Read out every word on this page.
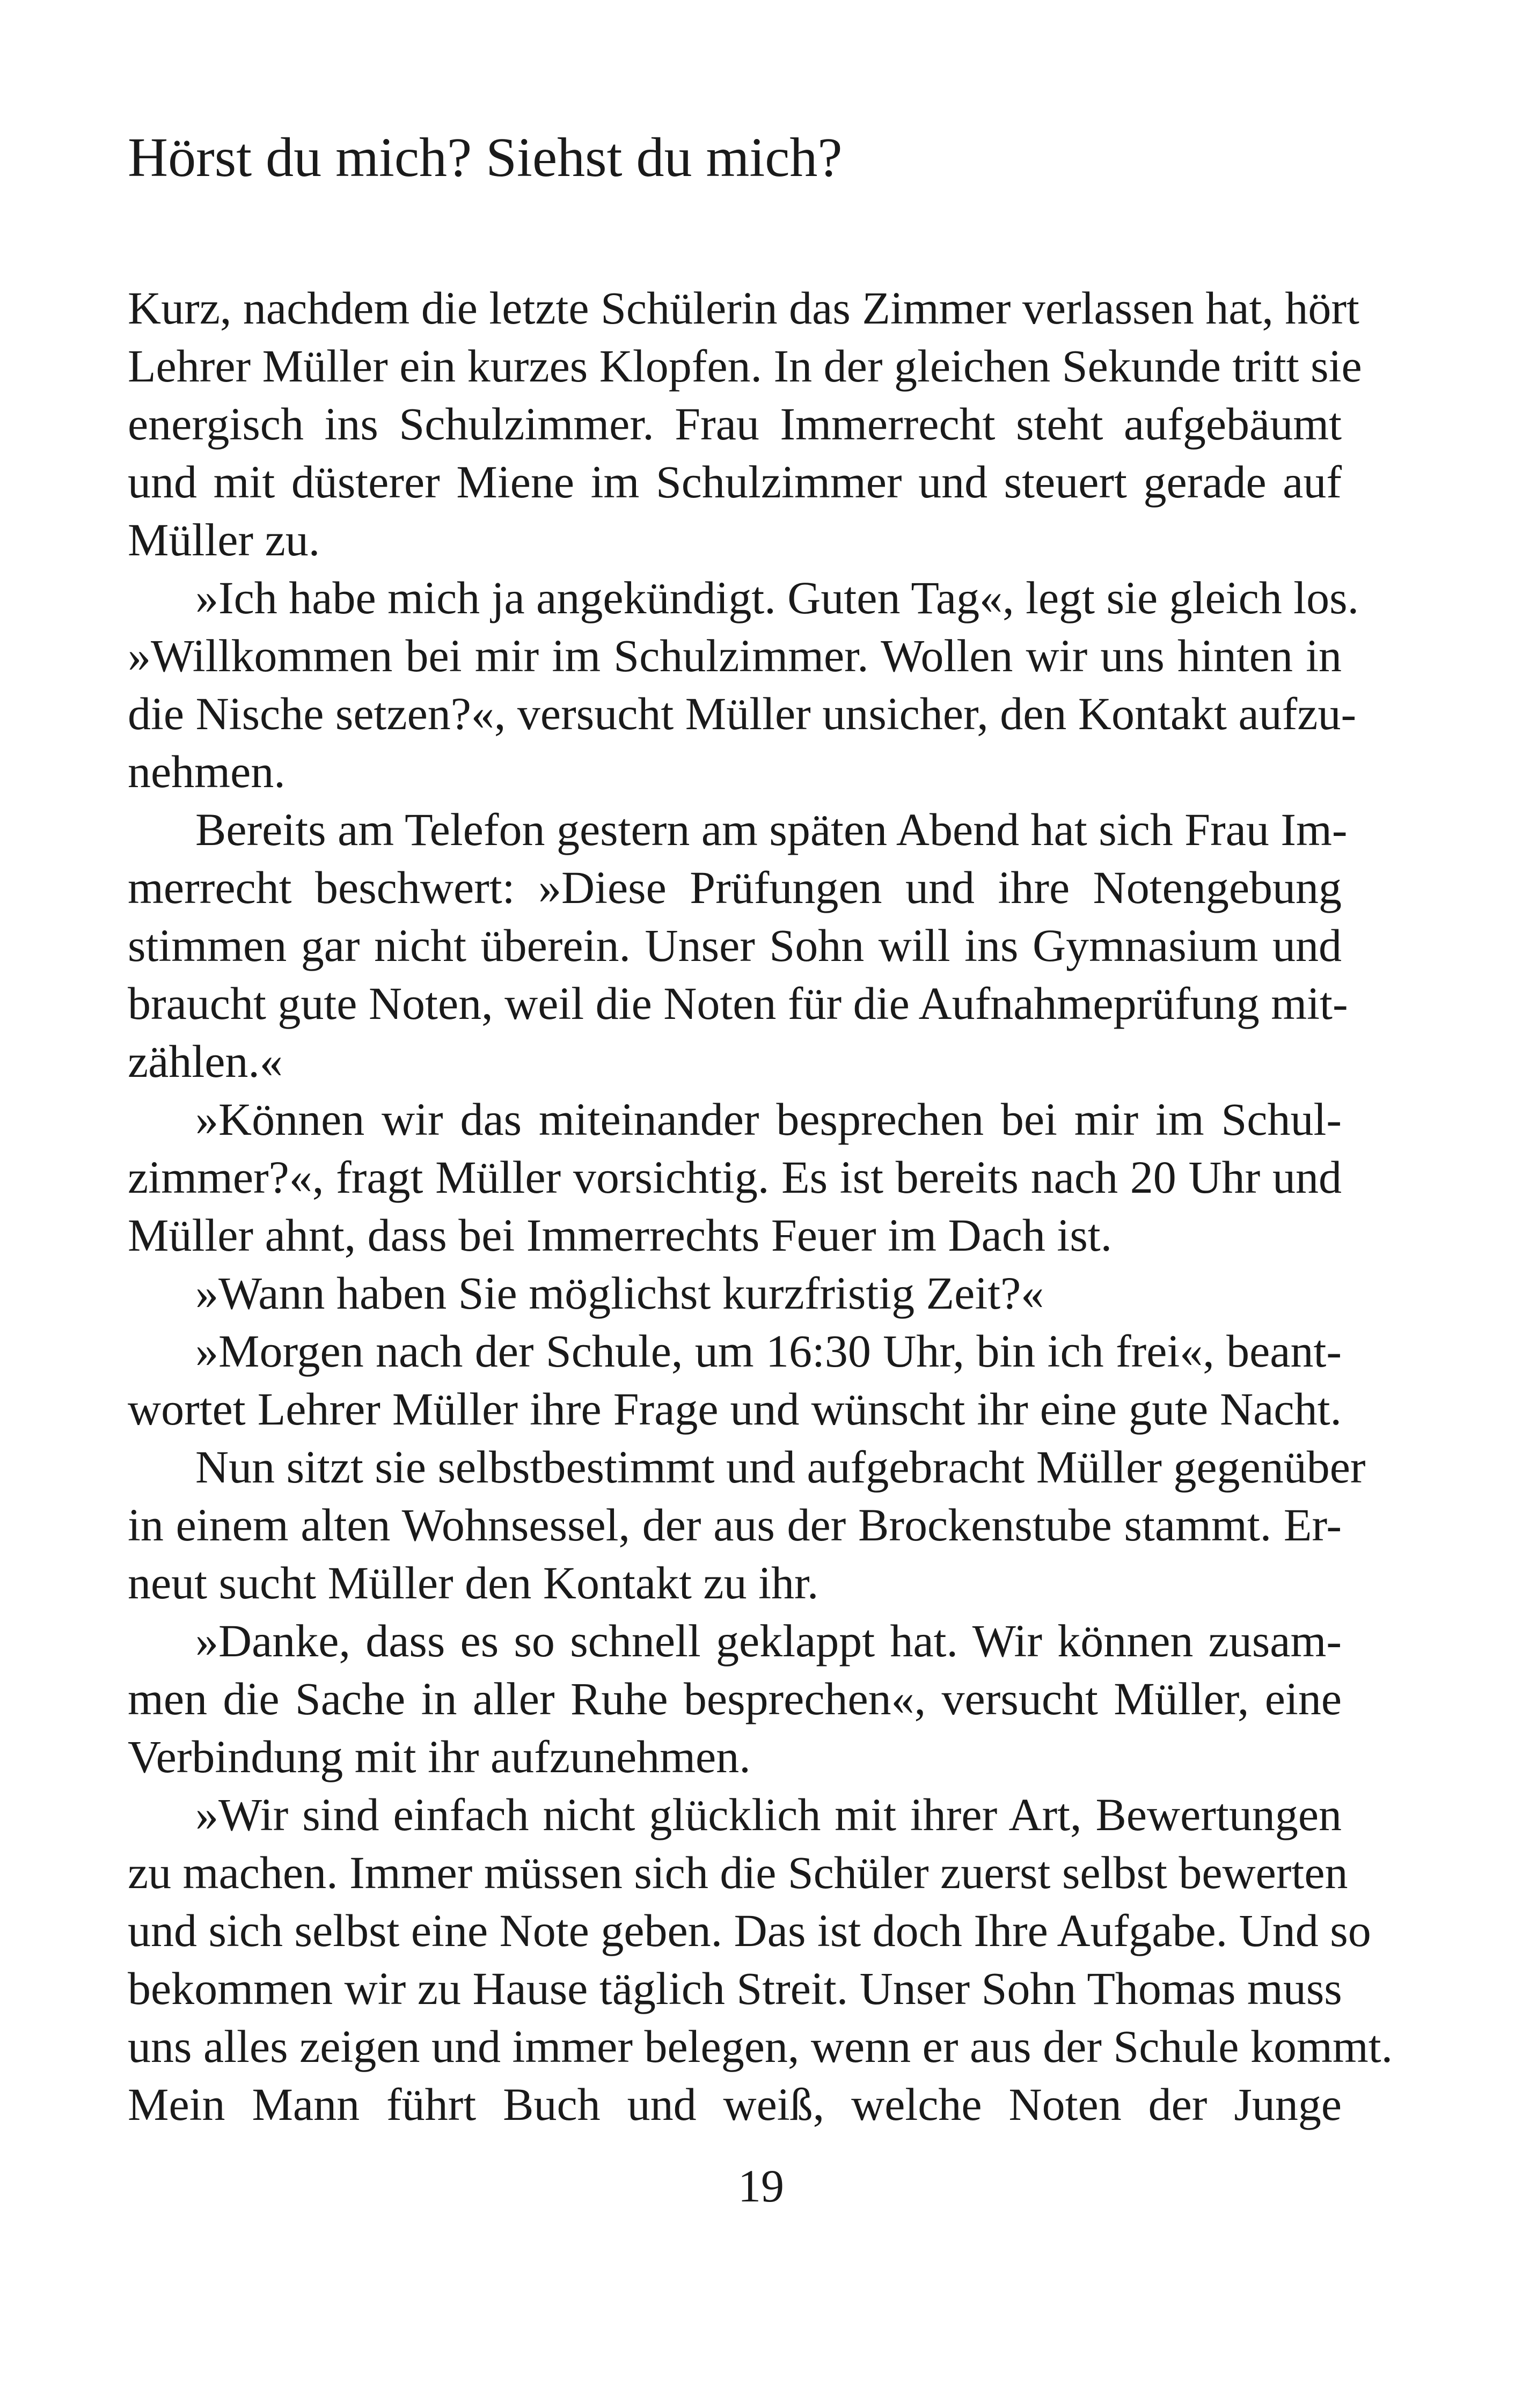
Hörst du mich? Siehst du mich?
Kurz, nachdem die letzte Schülerin das Zimmer verlassen hat, hört
Lehrer Müller ein kurzes Klopfen. In der gleichen Sekunde tritt sie
energisch ins Schulzimmer. Frau Immerrecht steht aufgebäumt
und mit düsterer Miene im Schulzimmer und steuert gerade auf
Müller zu.
»Ich habe mich ja angekündigt. Guten Tag«, legt sie gleich los.
»Willkommen bei mir im Schulzimmer. Wollen wir uns hinten in
die Nische setzen?«, versucht Müller unsicher, den Kontakt aufzu-
nehmen.
Bereits am Telefon gestern am späten Abend hat sich Frau Im-
merrecht beschwert: »Diese Prüfungen und ihre Notengebung
stimmen gar nicht überein. Unser Sohn will ins Gymnasium und
braucht gute Noten, weil die Noten für die Aufnahmeprüfung mit-
zählen.«
»Können wir das miteinander besprechen bei mir im Schul-
zimmer?«, fragt Müller vorsichtig. Es ist bereits nach 20 Uhr und
Müller ahnt, dass bei Immerrechts Feuer im Dach ist.
»Wann haben Sie möglichst kurzfristig Zeit?«
»Morgen nach der Schule, um 16:30 Uhr, bin ich frei«, beant-
wortet Lehrer Müller ihre Frage und wünscht ihr eine gute Nacht.
Nun sitzt sie selbstbestimmt und aufgebracht Müller gegenüber
in einem alten Wohnsessel, der aus der Brockenstube stammt. Er-
neut sucht Müller den Kontakt zu ihr.
»Danke, dass es so schnell geklappt hat. Wir können zusam-
men die Sache in aller Ruhe besprechen«, versucht Müller, eine
Verbindung mit ihr aufzunehmen.
»Wir sind einfach nicht glücklich mit ihrer Art, Bewertungen
zu machen. Immer müssen sich die Schüler zuerst selbst bewerten
und sich selbst eine Note geben. Das ist doch Ihre Aufgabe. Und so
bekommen wir zu Hause täglich Streit. Unser Sohn Thomas muss
uns alles zeigen und immer belegen, wenn er aus der Schule kommt.
Mein Mann führt Buch und weiß, welche Noten der Junge
19
